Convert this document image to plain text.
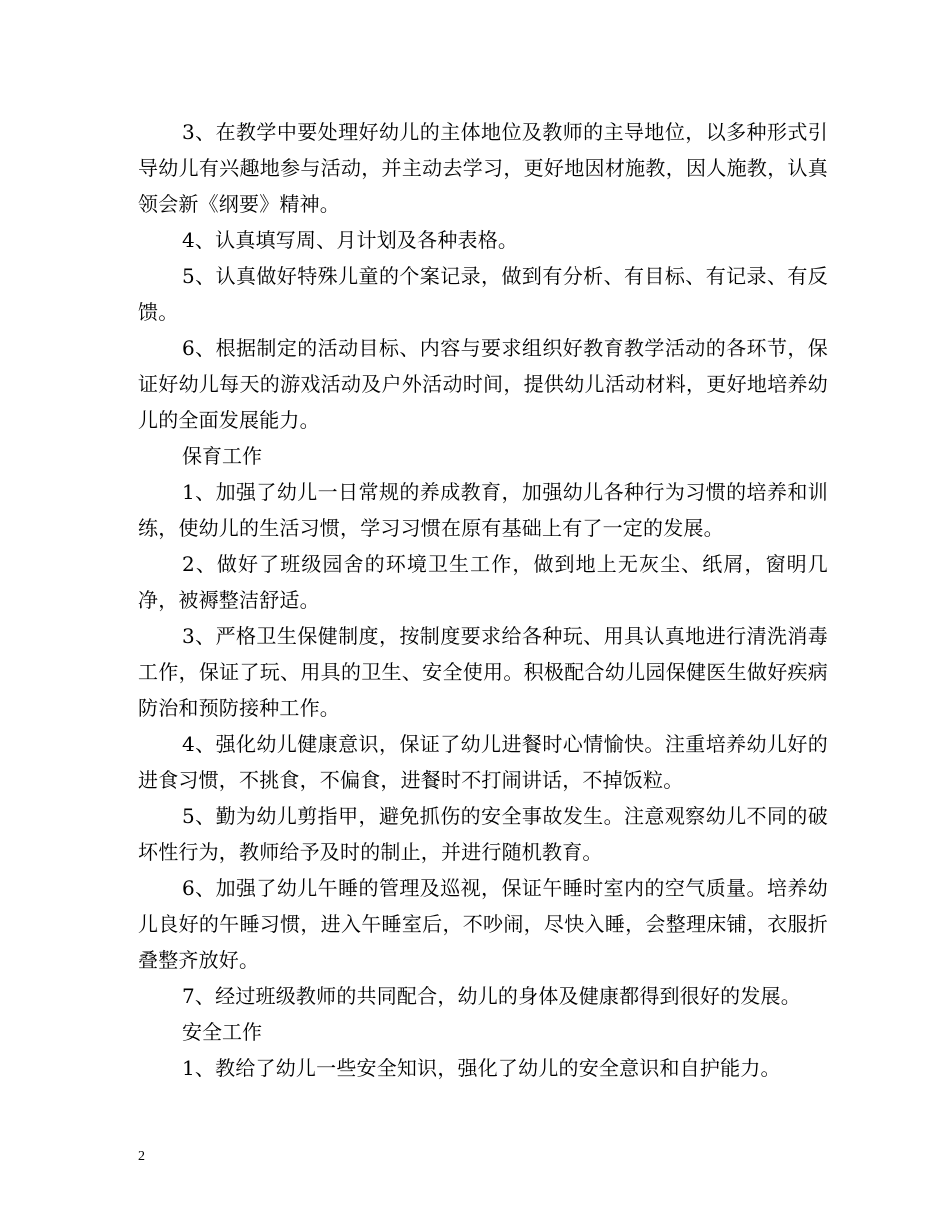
3、在教学中要处理好幼儿的主体地位及教师的主导地位，以多种形式引导幼儿有兴趣地参与活动，并主动去学习，更好地因材施教，因人施教，认真领会新《纲要》精神。

4、认真填写周、月计划及各种表格。

5、认真做好特殊儿童的个案记录，做到有分析、有目标、有记录、有反馈。

6、根据制定的活动目标、内容与要求组织好教育教学活动的各环节，保证好幼儿每天的游戏活动及户外活动时间，提供幼儿活动材料，更好地培养幼儿的全面发展能力。

保育工作

1、加强了幼儿一日常规的养成教育，加强幼儿各种行为习惯的培养和训练，使幼儿的生活习惯，学习习惯在原有基础上有了一定的发展。

2、做好了班级园舍的环境卫生工作，做到地上无灰尘、纸屑，窗明几净，被褥整洁舒适。

3、严格卫生保健制度，按制度要求给各种玩、用具认真地进行清洗消毒工作，保证了玩、用具的卫生、安全使用。积极配合幼儿园保健医生做好疾病防治和预防接种工作。

4、强化幼儿健康意识，保证了幼儿进餐时心情愉快。注重培养幼儿好的进食习惯，不挑食，不偏食，进餐时不打闹讲话，不掉饭粒。

5、勤为幼儿剪指甲，避免抓伤的安全事故发生。注意观察幼儿不同的破坏性行为，教师给予及时的制止，并进行随机教育。

6、加强了幼儿午睡的管理及巡视，保证午睡时室内的空气质量。培养幼儿良好的午睡习惯，进入午睡室后，不吵闹，尽快入睡，会整理床铺，衣服折叠整齐放好。

7、经过班级教师的共同配合，幼儿的身体及健康都得到很好的发展。

安全工作

1、教给了幼儿一些安全知识，强化了幼儿的安全意识和自护能力。

2
